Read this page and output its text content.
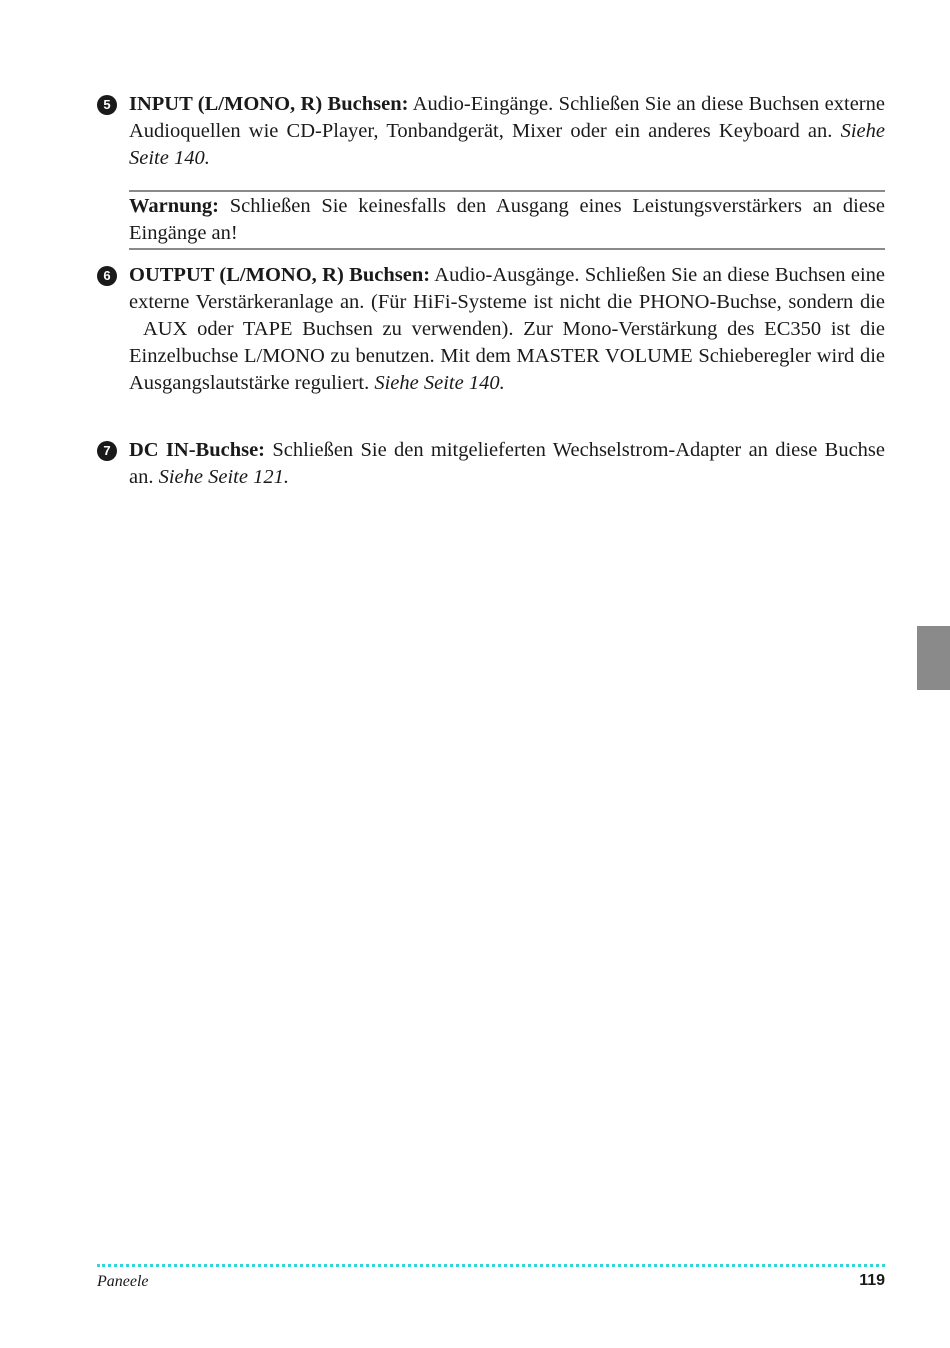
5 INPUT (L/MONO, R) Buchsen: Audio-Eingänge. Schließen Sie an diese Buchsen externe Audioquellen wie CD-Player, Tonbandgerät, Mixer oder ein anderes Keyboard an. Siehe Seite 140.
Warnung: Schließen Sie keinesfalls den Ausgang eines Leistungsverstärkers an diese Eingänge an!
6 OUTPUT (L/MONO, R) Buchsen: Audio-Ausgänge. Schließen Sie an diese Buchsen eine externe Verstärkeranlage an. (Für HiFi-Systeme ist nicht die PHONO-Buchse, sondern die AUX oder TAPE Buchsen zu verwenden). Zur Mono-Verstärkung des EC350 ist die Einzelbuchse L/MONO zu benutzen. Mit dem MASTER VOLUME Schieberegler wird die Ausgangslautstärke reguliert. Siehe Seite 140.
7 DC IN-Buchse: Schließen Sie den mitgelieferten Wechselstrom-Adapter an diese Buchse an. Siehe Seite 121.
Paneele	119
